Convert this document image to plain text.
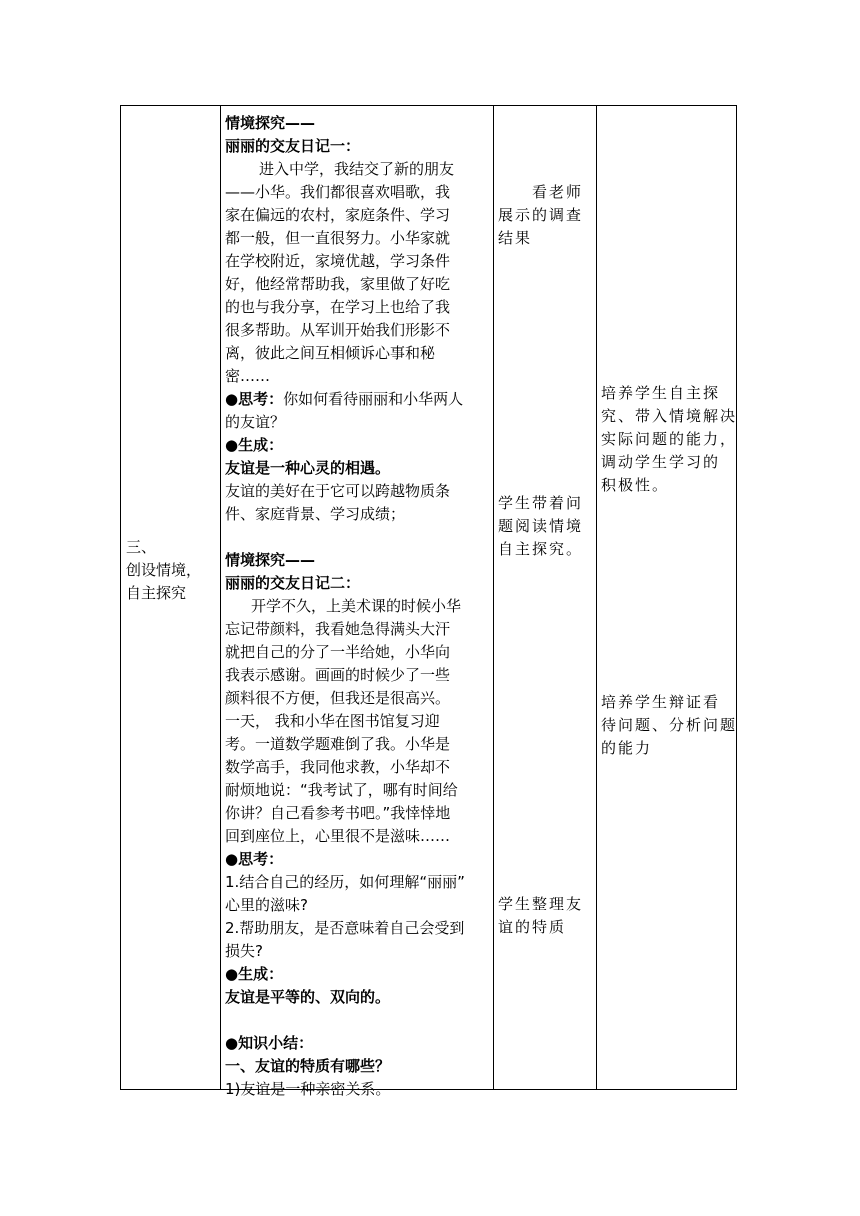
三、
创设情境，
自主探究
情境探究——
丽丽的交友日记一：
进入中学，我结交了新的朋友
——小华。我们都很喜欢唱歌，我
家在偏远的农村，家庭条件、学习
都一般，但一直很努力。小华家就
在学校附近，家境优越，学习条件
好，他经常帮助我，家里做了好吃
的也与我分享，在学习上也给了我
很多帮助。从军训开始我们形影不
离，彼此之间互相倾诉心事和秘
密……
●思考：你如何看待丽丽和小华两人
的友谊？
●生成：
友谊是一种心灵的相遇。
友谊的美好在于它可以跨越物质条
件、家庭背景、学习成绩；
情境探究——
丽丽的交友日记二：
开学不久，上美术课的时候小华
忘记带颜料，我看她急得满头大汗
就把自己的分了一半给她，小华向
我表示感谢。画画的时候少了一些
颜料很不方便，但我还是很高兴。
一天， 我和小华在图书馆复习迎
考。一道数学题难倒了我。小华是
数学高手，我同他求教，小华却不
耐烦地说：“我考试了，哪有时间给
你讲？自己看参考书吧。”我悻悻地
回到座位上，心里很不是滋味……
●思考：
1.结合自己的经历，如何理解“丽丽”
心里的滋味?
2.帮助朋友，是否意味着自己会受到
损失?
●生成：
友谊是平等的、双向的。
●知识小结：
一、友谊的特质有哪些？
1)友谊是一种亲密关系。
看老师
展示的调查
结果
学生带着问
题阅读情境
自主探究。
学生整理友
谊的特质
培养学生自主探
究、带入情境解决
实际问题的能力，
调动学生学习的
积极性。
培养学生辩证看
待问题、分析问题
的能力
